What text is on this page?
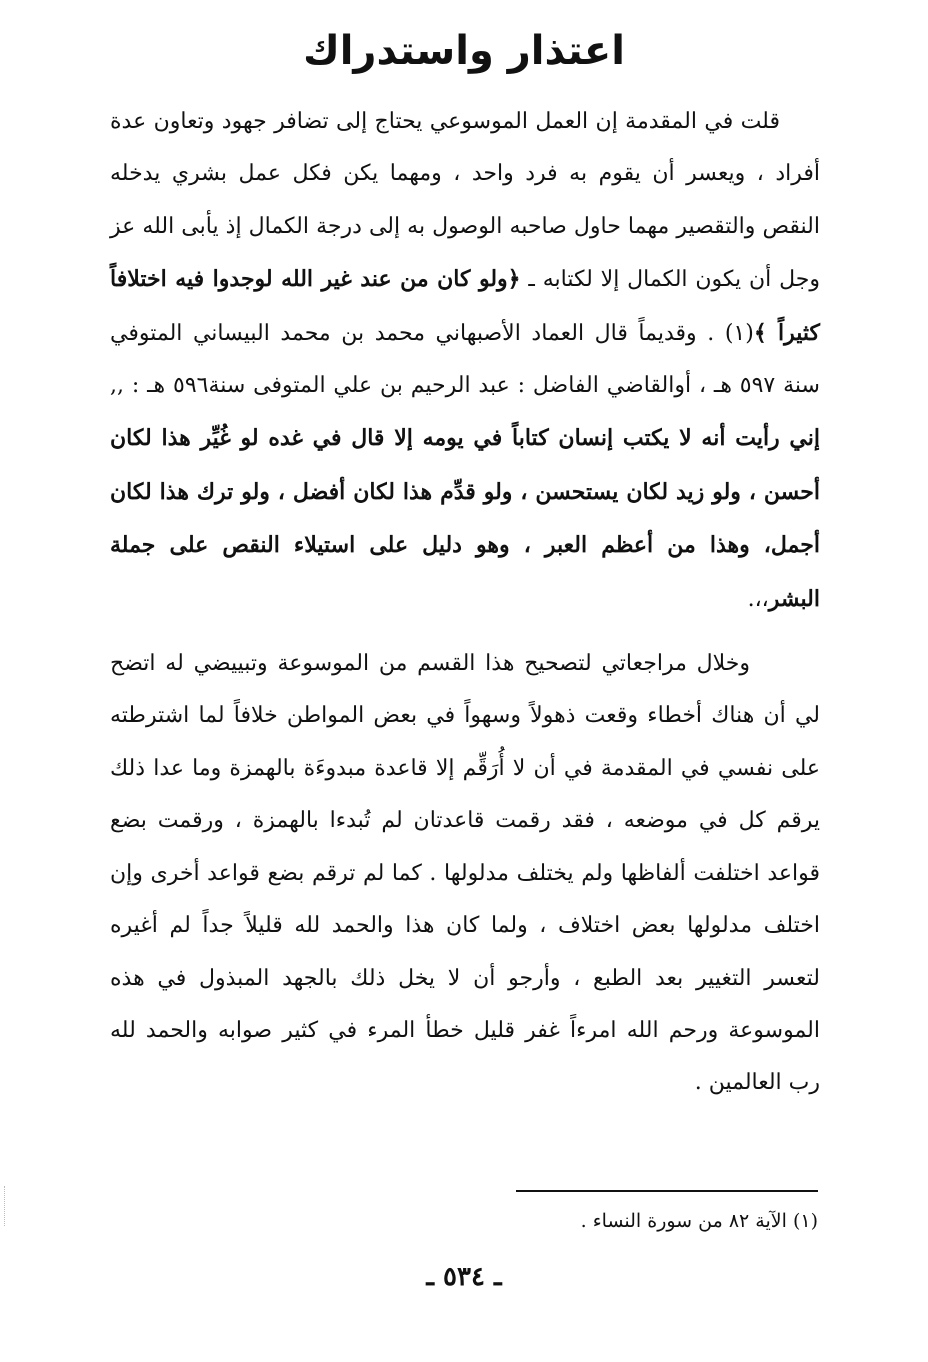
اعتذار واستدراك

قلت في المقدمة إن العمل الموسوعي يحتاج إلى تضافر جهود وتعاون عدة أفراد ، ويعسر أن يقوم به فرد واحد ، ومهما يكن فكل عمل بشري يدخله النقص والتقصير مهما حاول صاحبه الوصول به إلى درجة الكمال إذ يأبى الله عز وجل أن يكون الكمال إلا لكتابه ـ ﴿ولو كان من عند غير الله لوجدوا فيه اختلافاً كثيراً ﴾(١) . وقديماً قال العماد الأصبهاني محمد بن محمد البيساني المتوفي سنة ٥٩٧ هـ ، أوالقاضي الفاضل : عبد الرحيم بن علي المتوفى سنة٥٩٦ هـ : ,, إني رأيت أنه لا يكتب إنسان كتاباً في يومه إلا قال في غده لو غُيِّر هذا لكان أحسن ، ولو زيد لكان يستحسن ، ولو قدِّم هذا لكان أفضل ، ولو ترك هذا لكان أجمل، وهذا من أعظم العبر ، وهو دليل على استيلاء النقص على جملة البشر،،.

وخلال مراجعاتي لتصحيح هذا القسم من الموسوعة وتبييضي له اتضح لي أن هناك أخطاء وقعت ذهولاً وسهواً في بعض المواطن خلافاً لما اشترطته على نفسي في المقدمة في أن لا أُرَقِّم إلا قاعدة مبدوءَة بالهمزة وما عدا ذلك يرقم كل في موضعه ، فقد رقمت قاعدتان لم تُبدءا بالهمزة ، ورقمت بضع قواعد اختلفت ألفاظها ولم يختلف مدلولها . كما لم ترقم بضع قواعد أخرى وإن اختلف مدلولها بعض اختلاف ، ولما كان هذا والحمد لله قليلاً جداً لم أغيره لتعسر التغيير بعد الطبع ، وأرجو أن لا يخل ذلك بالجهد المبذول في هذه الموسوعة ورحم الله امرءاً غفر قليل خطأ المرء في كثير صوابه والحمد لله رب العالمين .

(١) الآية ٨٢ من سورة النساء .
ـ ٥٣٤ ـ
